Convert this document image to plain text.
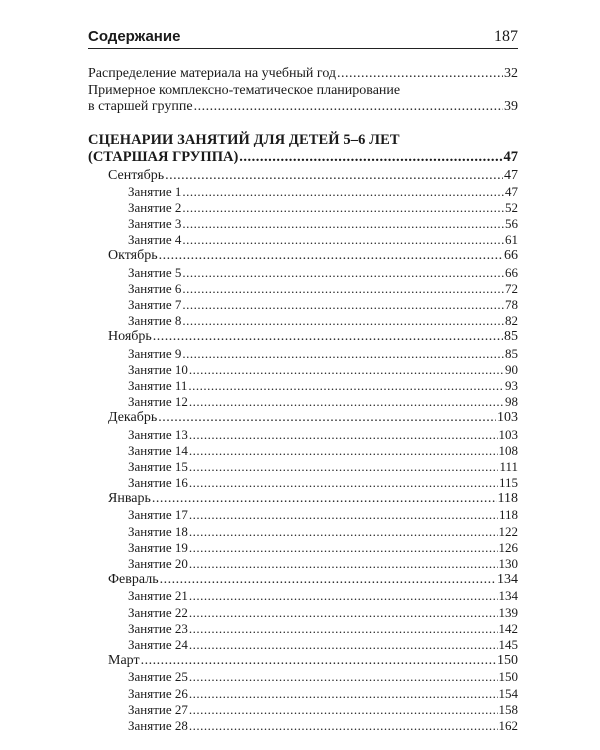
Содержание	187
Распределение материала на учебный год .....	32
Примерное комплексно-тематическое планирование
в старшей группе .....	39
СЦЕНАРИИ ЗАНЯТИЙ ДЛЯ ДЕТЕЙ 5–6 ЛЕТ
(СТАРШАЯ ГРУППА) .....	47
Сентябрь .....	47
Занятие 1 .....	47
Занятие 2 .....	52
Занятие 3 .....	56
Занятие 4 .....	61
Октябрь .....	66
Занятие 5 .....	66
Занятие 6 .....	72
Занятие 7 .....	78
Занятие 8 .....	82
Ноябрь .....	85
Занятие 9 .....	85
Занятие 10 .....	90
Занятие 11 .....	93
Занятие 12 .....	98
Декабрь .....	103
Занятие 13 .....	103
Занятие 14 .....	108
Занятие 15 .....	111
Занятие 16 .....	115
Январь .....	118
Занятие 17 .....	118
Занятие 18 .....	122
Занятие 19 .....	126
Занятие 20 .....	130
Февраль .....	134
Занятие 21 .....	134
Занятие 22 .....	139
Занятие 23 .....	142
Занятие 24 .....	145
Март .....	150
Занятие 25 .....	150
Занятие 26 .....	154
Занятие 27 .....	158
Занятие 28 .....	162
